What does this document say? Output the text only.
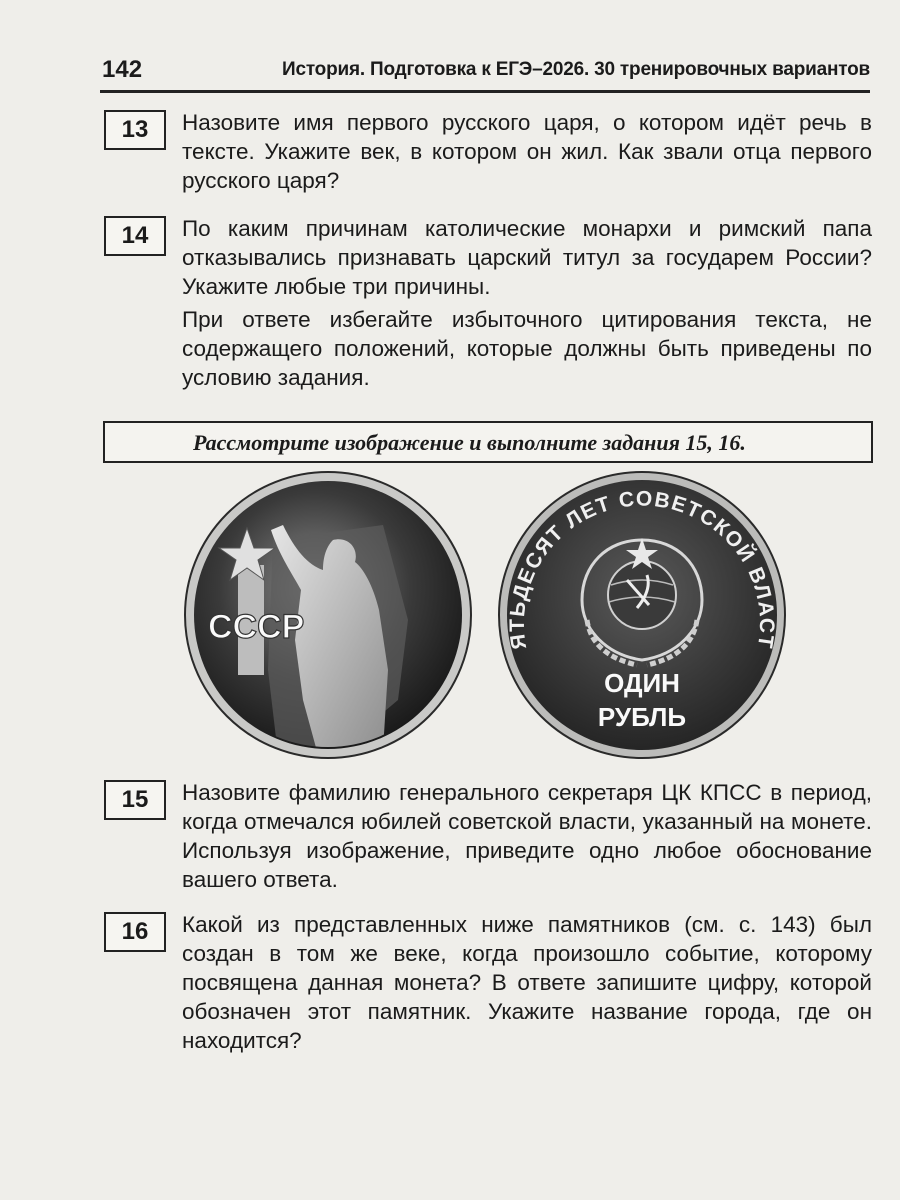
142	История. Подготовка к ЕГЭ–2026. 30 тренировочных вариантов
13	Назовите имя первого русского царя, о котором идёт речь в тексте. Укажите век, в котором он жил. Как звали отца первого русского царя?

14	По каким причинам католические монархи и римский папа отказывались признавать царский титул за государем России? Укажите любые три причины.

При ответе избегайте избыточного цитирования текста, не содержащего положений, которые должны быть приведены по условию задания.

Рассмотрите изображение и выполните задания 15, 16.
СССР	ЯТЬДЕСЯТ ЛЕТ СОВЕТСКОЙ ВЛАСТ
ОДИН
РУБЛЬ
15	Назовите фамилию генерального секретаря ЦК КПСС в период, когда отмечался юбилей советской власти, указанный на монете. Используя изображение, приведите одно любое обоснование вашего ответа.

16	Какой из представленных ниже памятников (см. с. 143) был создан в том же веке, когда произошло событие, которому посвящена данная монета? В ответе запишите цифру, которой обозначен этот памятник. Укажите название города, где он находится?
